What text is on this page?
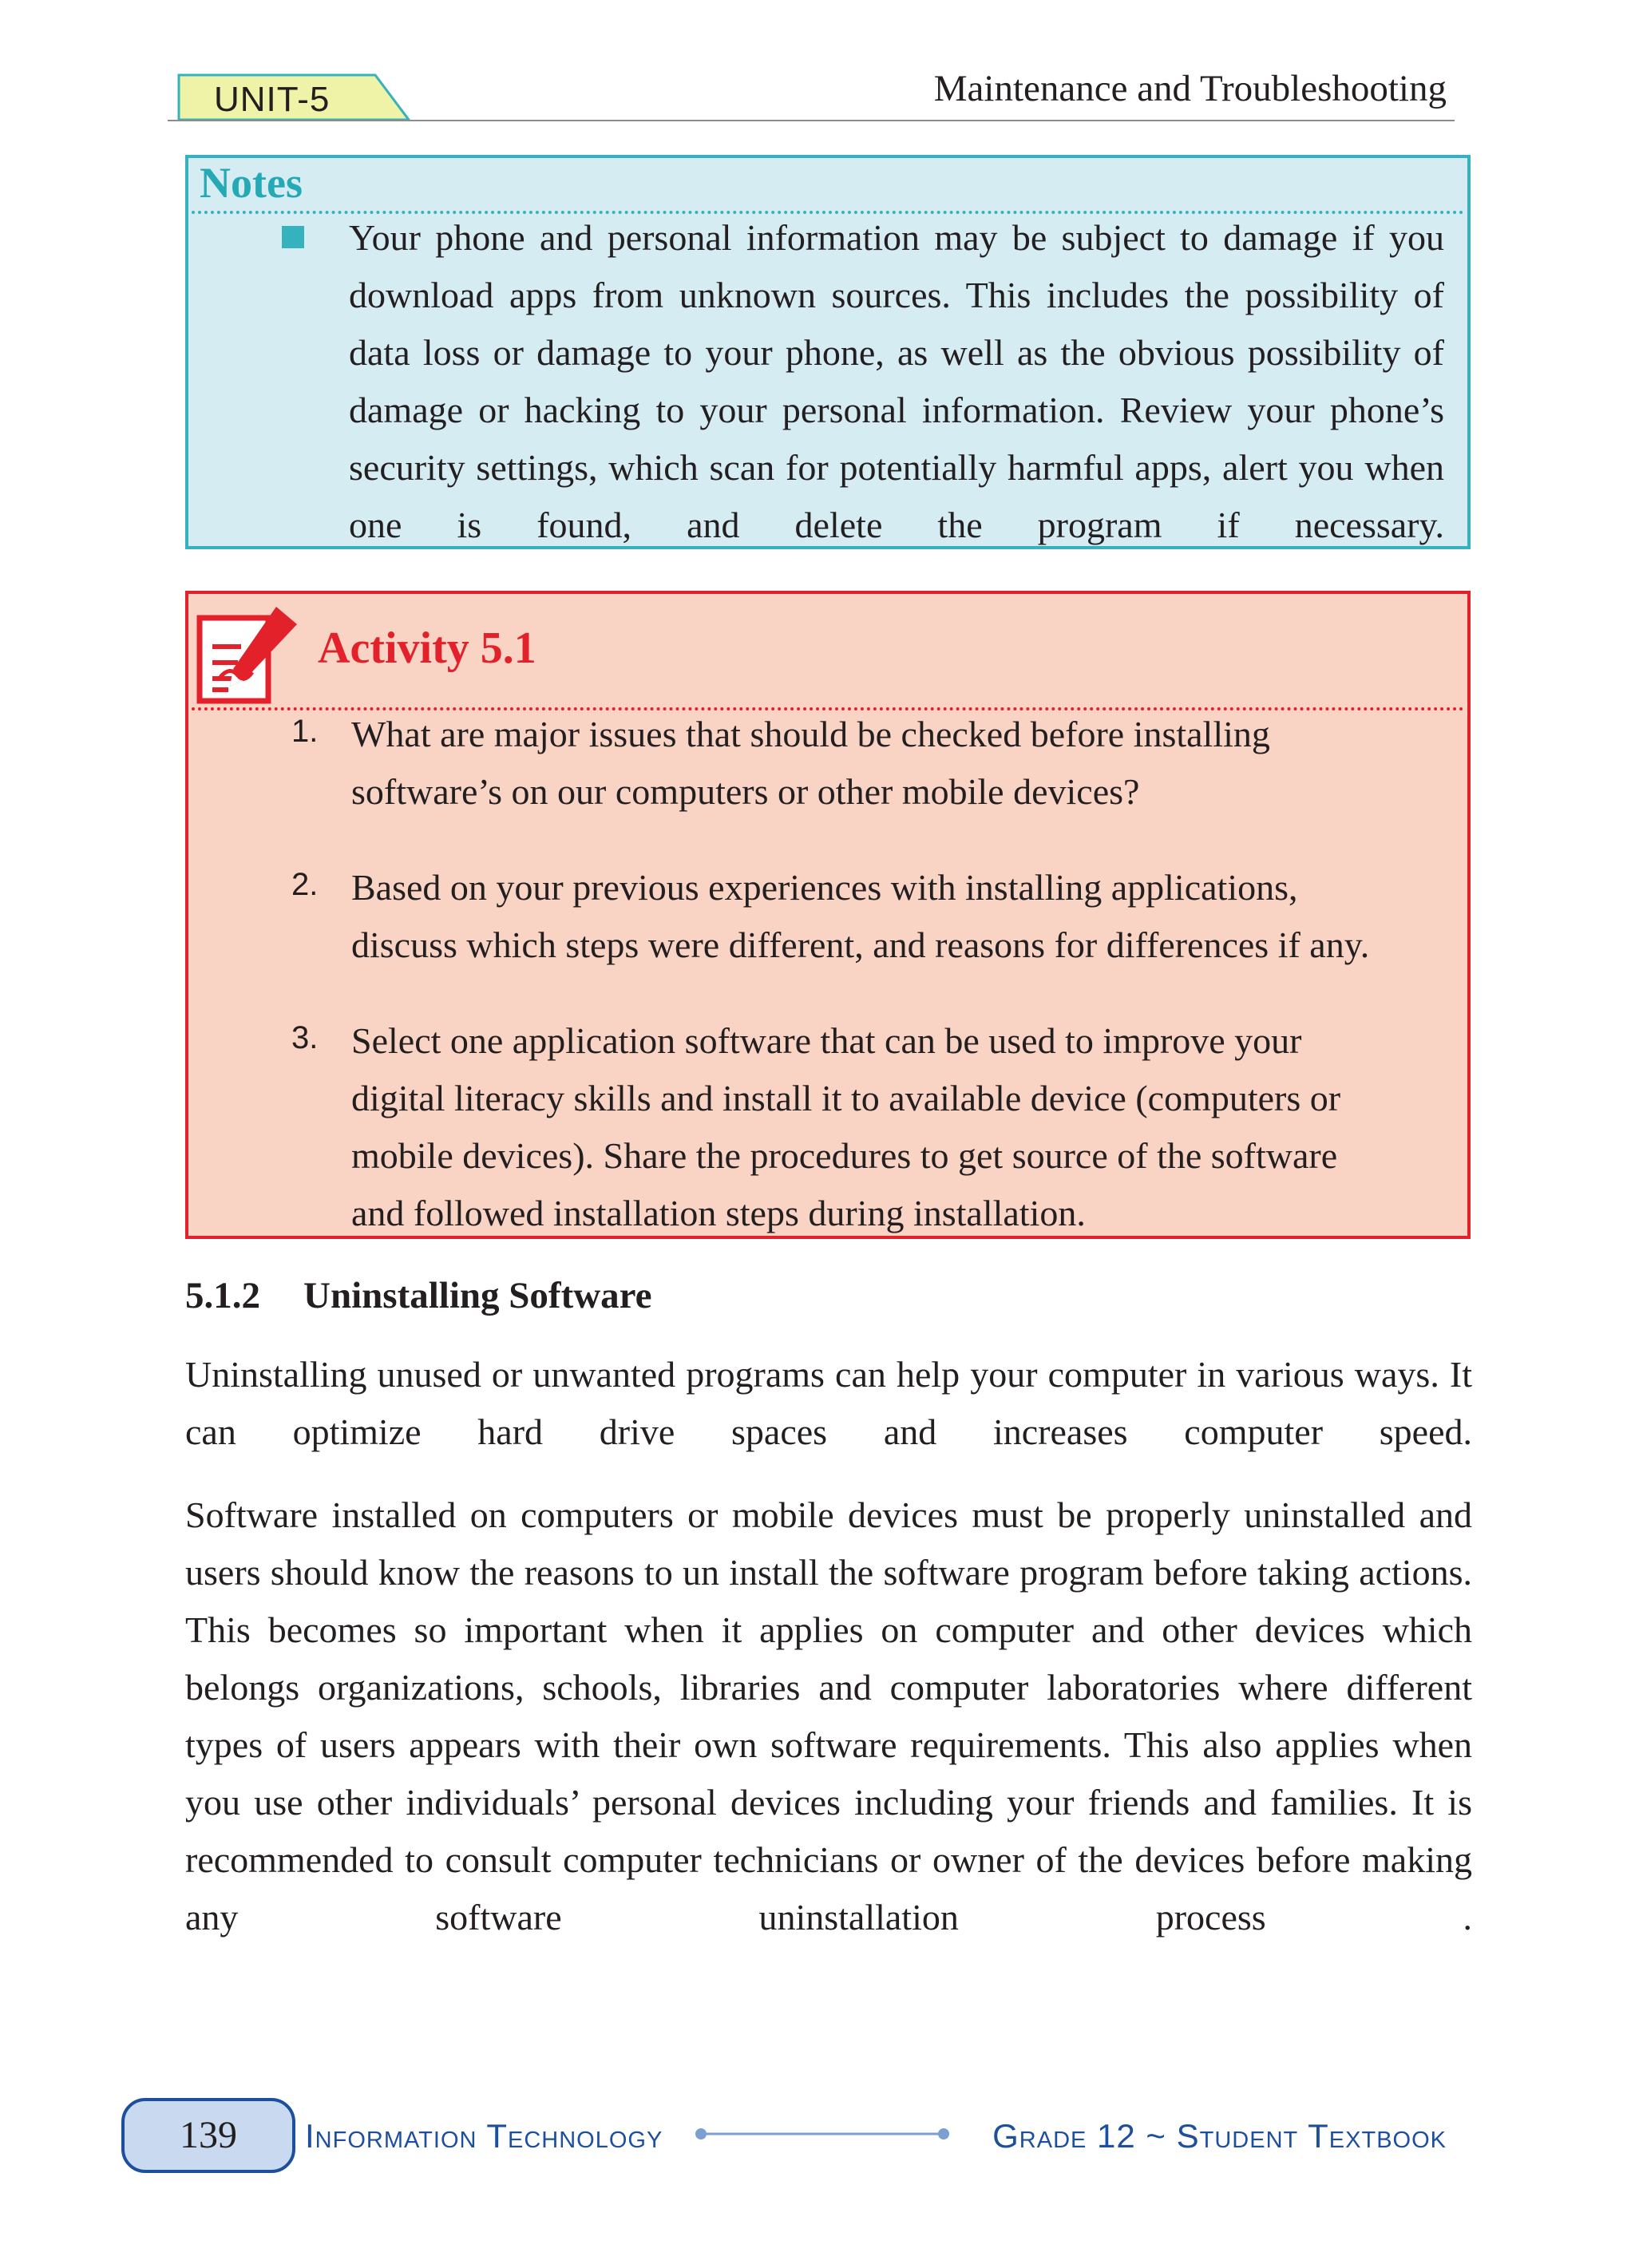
UNIT-5	Maintenance and Troubleshooting
Notes

Your phone and personal information may be subject to damage if you download apps from unknown sources. This includes the possibility of data loss or damage to your phone, as well as the obvious possibility of damage or hacking to your personal information. Review your phone’s security settings, which scan for potentially harmful apps, alert you when one is found, and delete the program if necessary.

Activity 5.1
1. What are major issues that should be checked before installing
software’s on our computers or other mobile devices?

2. Based on your previous experiences with installing applications,
discuss which steps were different, and reasons for differences if any.

3. Select one application software that can be used to improve your
digital literacy skills and install it to available device (computers or
mobile devices). Share the procedures to get source of the software
and followed installation steps during installation.

5.1.2 Uninstalling Software

Uninstalling unused or unwanted programs can help your computer in various ways. It can optimize hard drive spaces and increases computer speed.

Software installed on computers or mobile devices must be properly uninstalled and users should know the reasons to un install the software program before taking actions. This becomes so important when it applies on computer and other devices which belongs organizations, schools, libraries and computer laboratories where different types of users appears with their own software requirements. This also applies when you use other individuals’ personal devices including your friends and families. It is recommended to consult computer technicians or owner of the devices before making any software uninstallation process .

139	Information Technology	Grade 12 ~ Student Textbook
